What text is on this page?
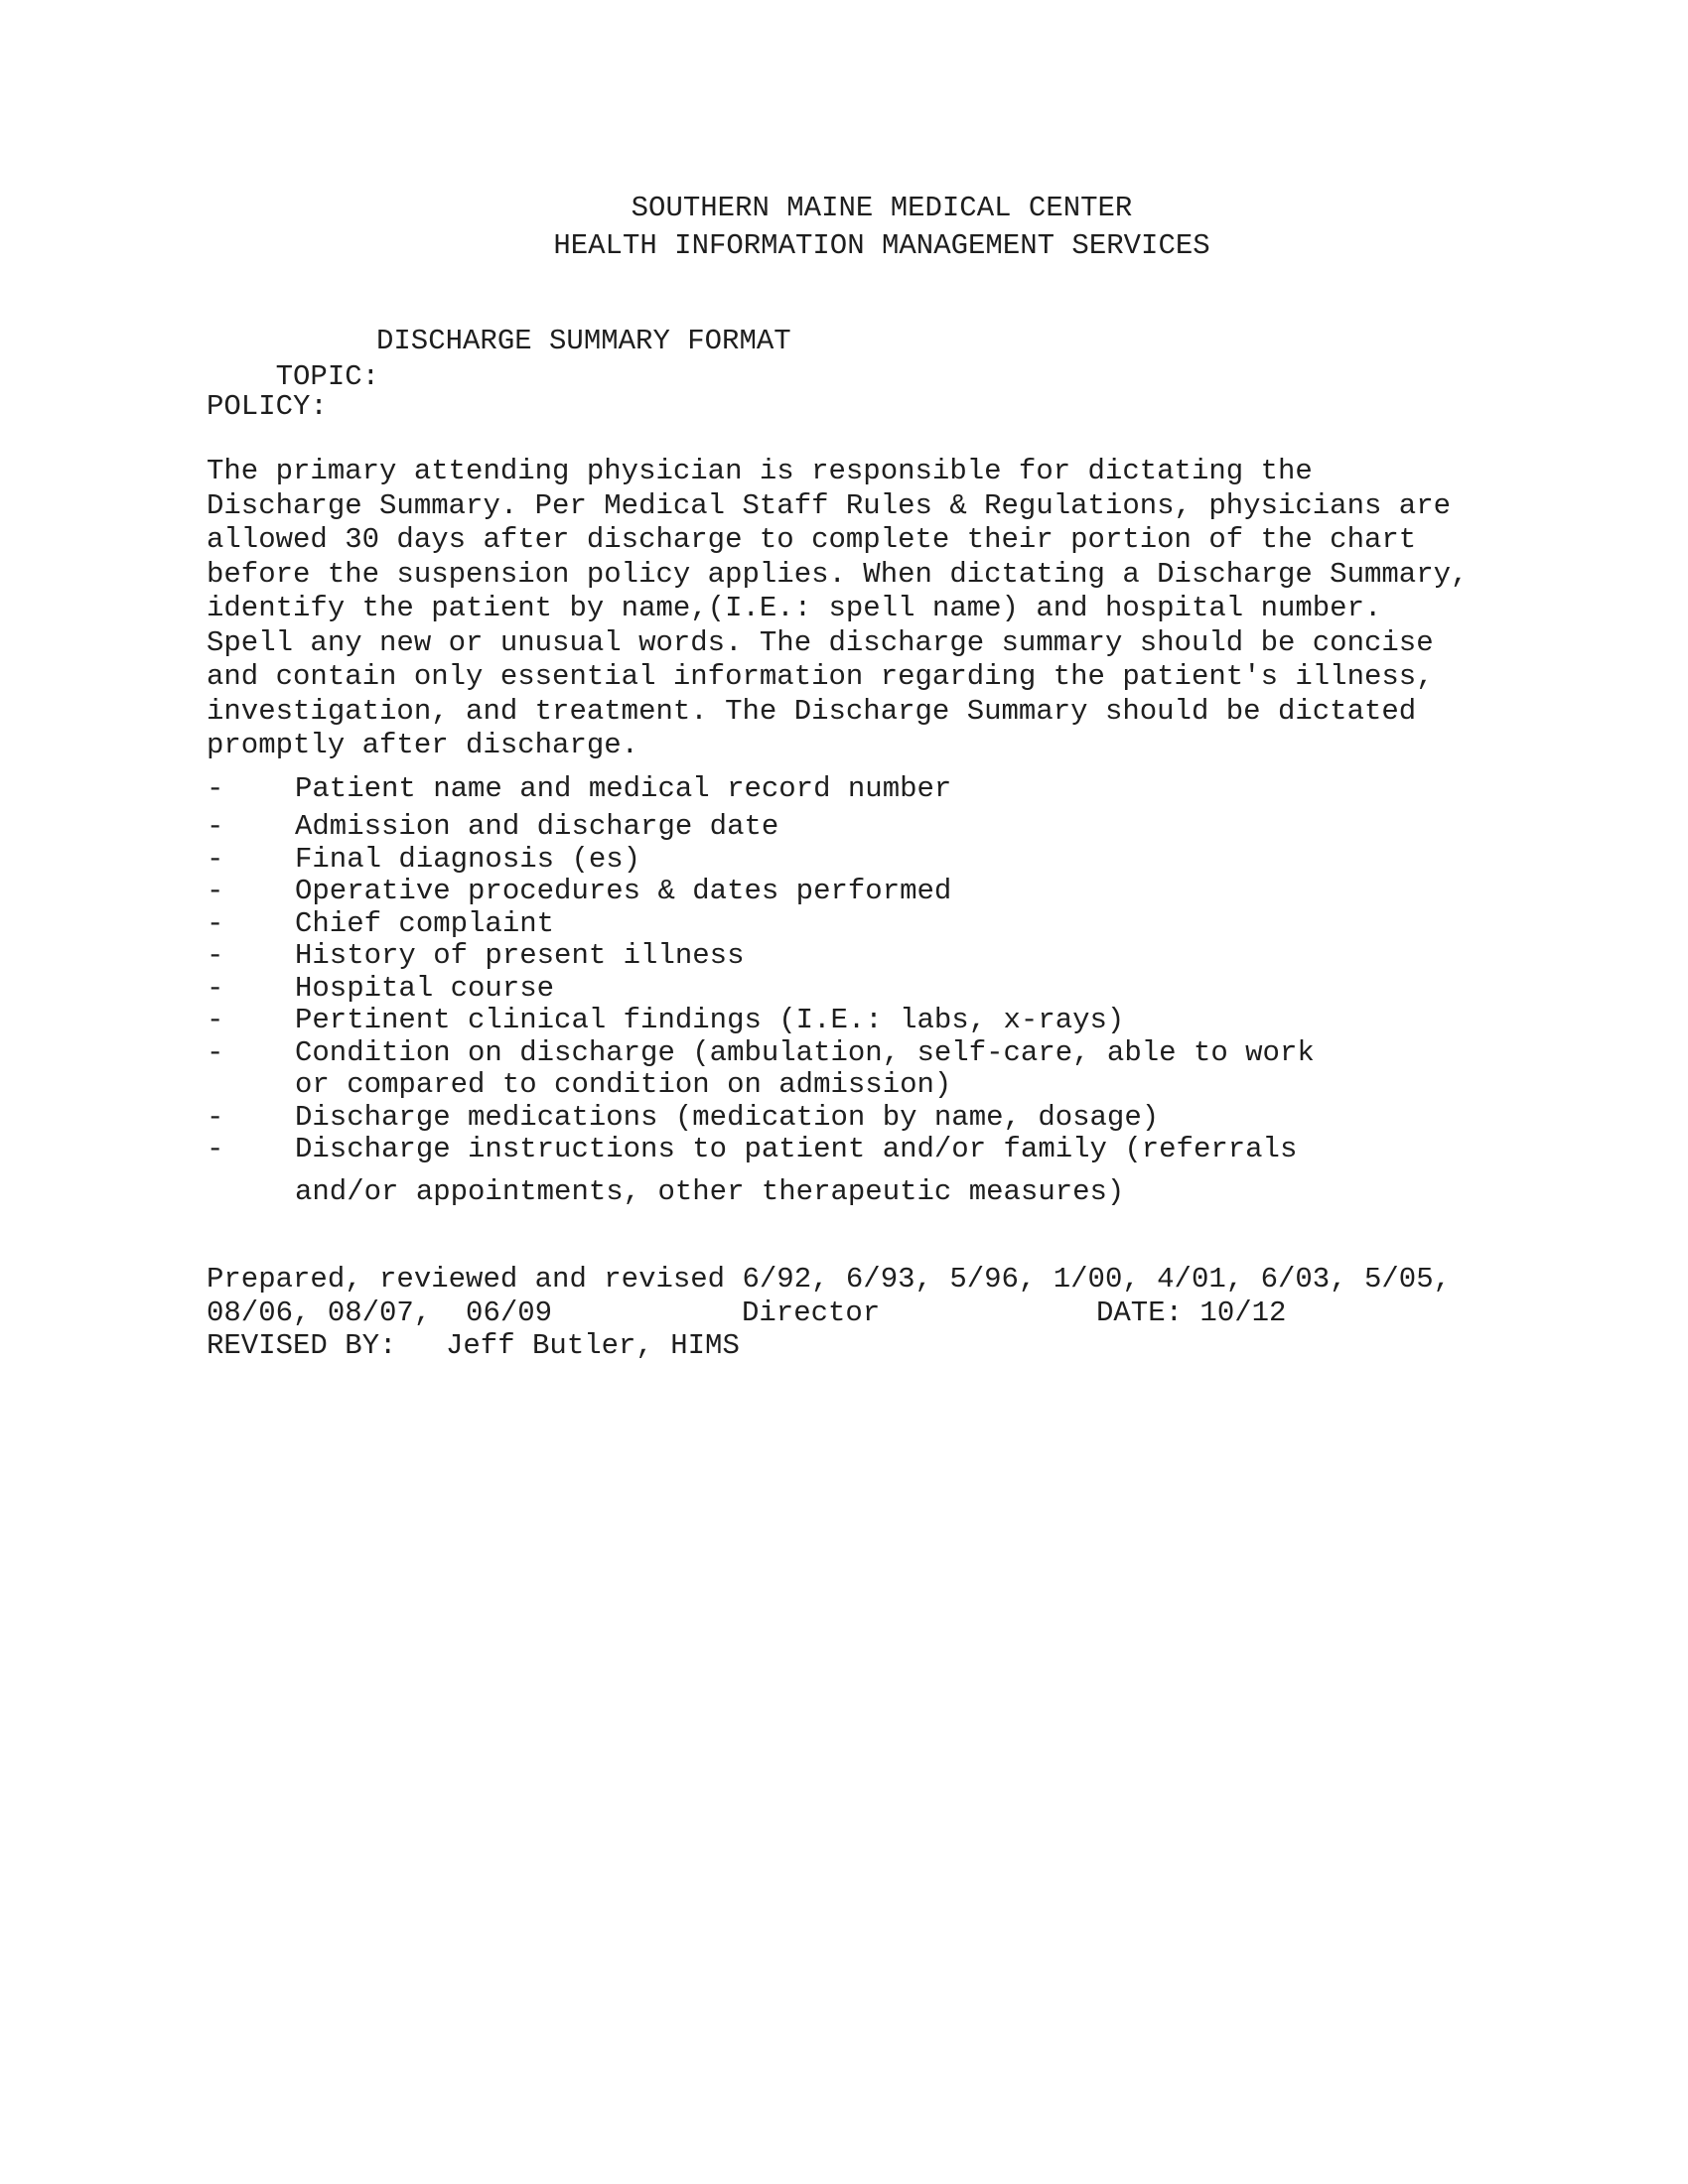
SOUTHERN MAINE MEDICAL CENTER
HEALTH INFORMATION MANAGEMENT SERVICES

TOPIC:

DISCHARGE SUMMARY FORMAT

POLICY:
The primary attending physician is responsible for dictating the
Discharge Summary. Per Medical Staff Rules & Regulations, physicians are
allowed 30 days after discharge to complete their portion of the chart
before the suspension policy applies. When dictating a Discharge Summary,
identify the patient by name,(I.E.: spell name) and hospital number.
Spell any new or unusual words. The discharge summary should be concise
and contain only essential information regarding the patient's illness,
investigation, and treatment. The Discharge Summary should be dictated
promptly after discharge.
- Patient name and medical record number
- Admission and discharge date
- Final diagnosis (es)
- Operative procedures & dates performed
- Chief complaint
- History of present illness
- Hospital course
- Pertinent clinical findings (I.E.: labs, x-rays)
- Condition on discharge (ambulation, self-care, able to work
or compared to condition on admission)
- Discharge medications (medication by name, dosage)
- Discharge instructions to patient and/or family (referrals
and/or appointments, other therapeutic measures)
Prepared, reviewed and revised 6/92, 6/93, 5/96, 1/00, 4/01, 6/03, 5/05,

08/06, 08/07,  06/09

	Director

	DATE: 10/12

REVISED BY:

Jeff Butler, HIMS
